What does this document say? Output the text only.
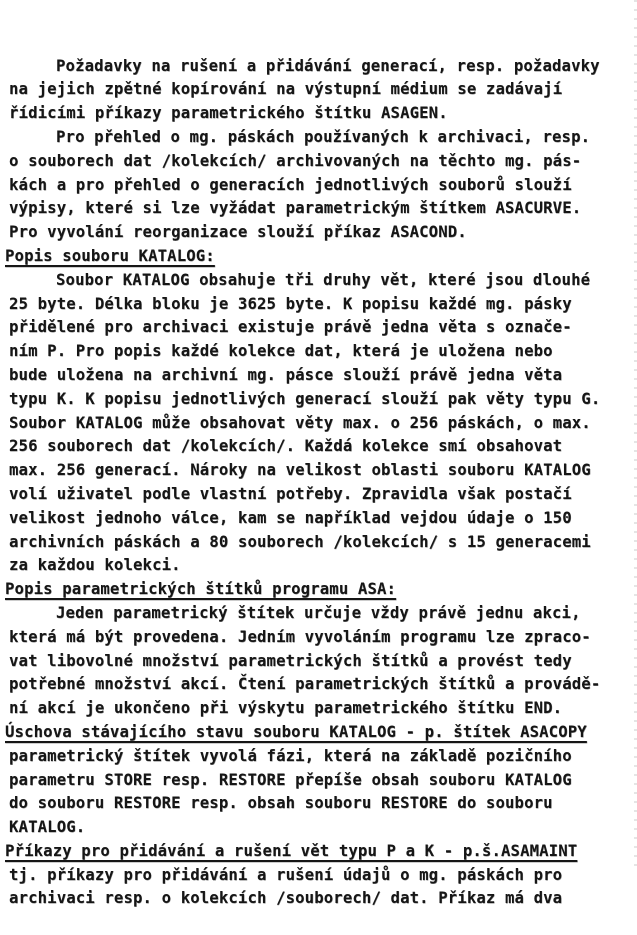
Požadavky na rušení a přidávání generací, resp. požadavky
na jejich zpětné kopírování na výstupní médium se zadávají
řídicími příkazy parametrického štítku ASAGEN.
Pro přehled o mg. páskách používaných k archivaci, resp.
o souborech dat /kolekcích/ archivovaných na těchto mg. pás-
kách a pro přehled o generacích jednotlivých souborů slouží
výpisy, které si lze vyžádat parametrickým štítkem ASACURVE.
Pro vyvolání reorganizace slouží příkaz ASACOND.
Popis souboru KATALOG:
Soubor KATALOG obsahuje tři druhy vět, které jsou dlouhé
25 byte. Délka bloku je 3625 byte. K popisu každé mg. pásky
přidělené pro archivaci existuje právě jedna věta s označe-
ním P. Pro popis každé kolekce dat, která je uložena nebo
bude uložena na archivní mg. pásce slouží právě jedna věta
typu K. K popisu jednotlivých generací slouží pak věty typu G.
Soubor KATALOG může obsahovat věty max. o 256 páskách, o max.
256 souborech dat /kolekcích/. Každá kolekce smí obsahovat
max. 256 generací. Nároky na velikost oblasti souboru KATALOG
volí uživatel podle vlastní potřeby. Zpravidla však postačí
velikost jednoho válce, kam se například vejdou údaje o 150
archivních páskách a 80 souborech /kolekcích/ s 15 generacemi
za každou kolekci.
Popis parametrických štítků programu ASA:
Jeden parametrický štítek určuje vždy právě jednu akci,
která má být provedena. Jedním vyvoláním programu lze zpraco-
vat libovolné množství parametrických štítků a provést tedy
potřebné množství akcí. Čtení parametrických štítků a provádě-
ní akcí je ukončeno při výskytu parametrického štítku END.
Úschova stávajícího stavu souboru KATALOG - p. štítek ASACOPY
parametrický štítek vyvolá fázi, která na základě pozičního
parametru STORE resp. RESTORE přepíše obsah souboru KATALOG
do souboru RESTORE resp. obsah souboru RESTORE do souboru
KATALOG.
Příkazy pro přidávání a rušení vět typu P a K - p.š.ASAMAINT
tj. příkazy pro přidávání a rušení údajů o mg. páskách pro
archivaci resp. o kolekcích /souborech/ dat. Příkaz má dva
